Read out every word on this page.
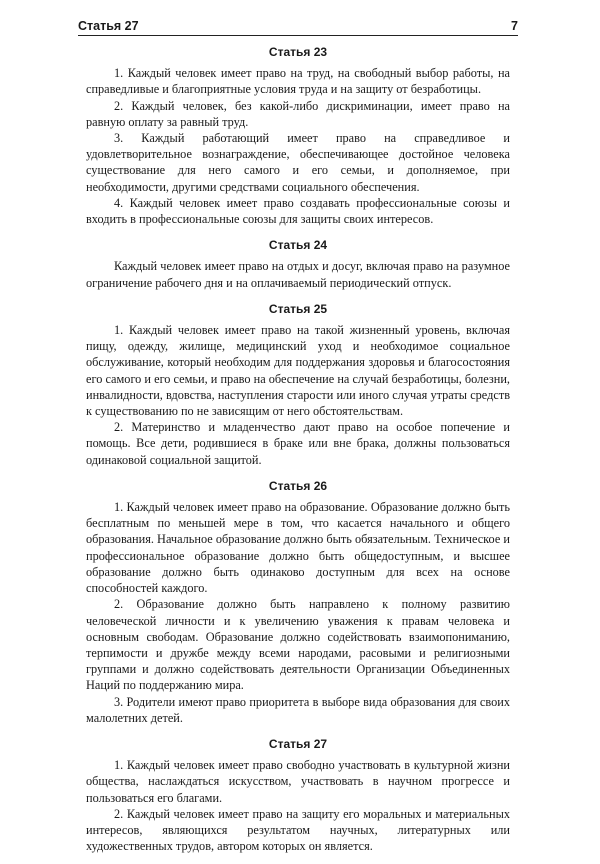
Статья 27	7
Статья 23

1. Каждый человек имеет право на труд, на свободный выбор работы, на справедливые и благоприятные условия труда и на защиту от безработицы.

2. Каждый человек, без какой-либо дискриминации, имеет право на равную оплату за равный труд.

3. Каждый работающий имеет право на справедливое и удовлетворительное вознаграждение, обеспечивающее достойное человека существование для него самого и его семьи, и дополняемое, при необходимости, другими средствами социального обеспечения.

4. Каждый человек имеет право создавать профессиональные союзы и входить в профессиональные союзы для защиты своих интересов.

Статья 24

Каждый человек имеет право на отдых и досуг, включая право на разумное ограничение рабочего дня и на оплачиваемый периодический отпуск.

Статья 25

1. Каждый человек имеет право на такой жизненный уровень, включая пищу, одежду, жилище, медицинский уход и необходимое социальное обслуживание, который необходим для поддержания здоровья и благосостояния его самого и его семьи, и право на обеспечение на случай безработицы, болезни, инвалидности, вдовства, наступления старости или иного случая утраты средств к существованию по не зависящим от него обстоятельствам.

2. Материнство и младенчество дают право на особое попечение и помощь. Все дети, родившиеся в браке или вне брака, должны пользоваться одинаковой социальной защитой.

Статья 26

1. Каждый человек имеет право на образование. Образование должно быть бесплатным по меньшей мере в том, что касается начального и общего образования. Начальное образование должно быть обязательным. Техническое и профессиональное образование должно быть общедоступным, и высшее образование должно быть одинаково доступным для всех на основе способностей каждого.

2. Образование должно быть направлено к полному развитию человеческой личности и к увеличению уважения к правам человека и основным свободам. Образование должно содействовать взаимопониманию, терпимости и дружбе между всеми народами, расовыми и религиозными группами и должно содействовать деятельности Организации Объединенных Наций по поддержанию мира.

3. Родители имеют право приоритета в выборе вида образования для своих малолетних детей.

Статья 27

1. Каждый человек имеет право свободно участвовать в культурной жизни общества, наслаждаться искусством, участвовать в научном прогрессе и пользоваться его благами.

2. Каждый человек имеет право на защиту его моральных и материальных интересов, являющихся результатом научных, литературных или художественных трудов, автором которых он является.
